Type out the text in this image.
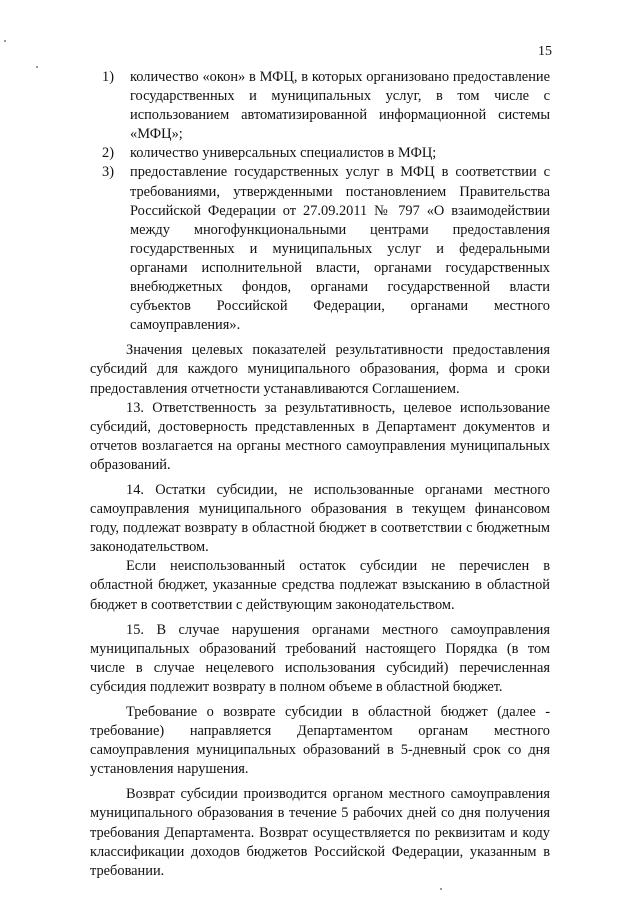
15
1)	количество «окон» в МФЦ, в которых организовано предоставление государственных и муниципальных услуг, в том числе с использованием автоматизированной информационной системы «МФЦ»;
2)	количество универсальных специалистов в МФЦ;
3)	предоставление государственных услуг в МФЦ в соответствии с требованиями, утвержденными постановлением Правительства Российской Федерации от 27.09.2011 № 797 «О взаимодействии между многофункциональными центрами предоставления государственных и муниципальных услуг и федеральными органами исполнительной власти, органами государственных внебюджетных фондов, органами государственной власти субъектов Российской Федерации, органами местного самоуправления».

Значения целевых показателей результативности предоставления субсидий для каждого муниципального образования, форма и сроки предоставления отчетности устанавливаются Соглашением.

13. Ответственность за результативность, целевое использование субсидий, достоверность представленных в Департамент документов и отчетов возлагается на органы местного самоуправления муниципальных образований.

14. Остатки субсидии, не использованные органами местного самоуправления муниципального образования в текущем финансовом году, подлежат возврату в областной бюджет в соответствии с бюджетным законодательством.

Если неиспользованный остаток субсидии не перечислен в областной бюджет, указанные средства подлежат взысканию в областной бюджет в соответствии с действующим законодательством.

15. В случае нарушения органами местного самоуправления муниципальных образований требований настоящего Порядка (в том числе в случае нецелевого использования субсидий) перечисленная субсидия подлежит возврату в полном объеме в областной бюджет.

Требование о возврате субсидии в областной бюджет (далее - требование) направляется Департаментом органам местного самоуправления муниципальных образований в 5-дневный срок со дня установления нарушения.

Возврат субсидии производится органом местного самоуправления муниципального образования в течение 5 рабочих дней со дня получения требования Департамента. Возврат осуществляется по реквизитам и коду классификации доходов бюджетов Российской Федерации, указанным в требовании.
